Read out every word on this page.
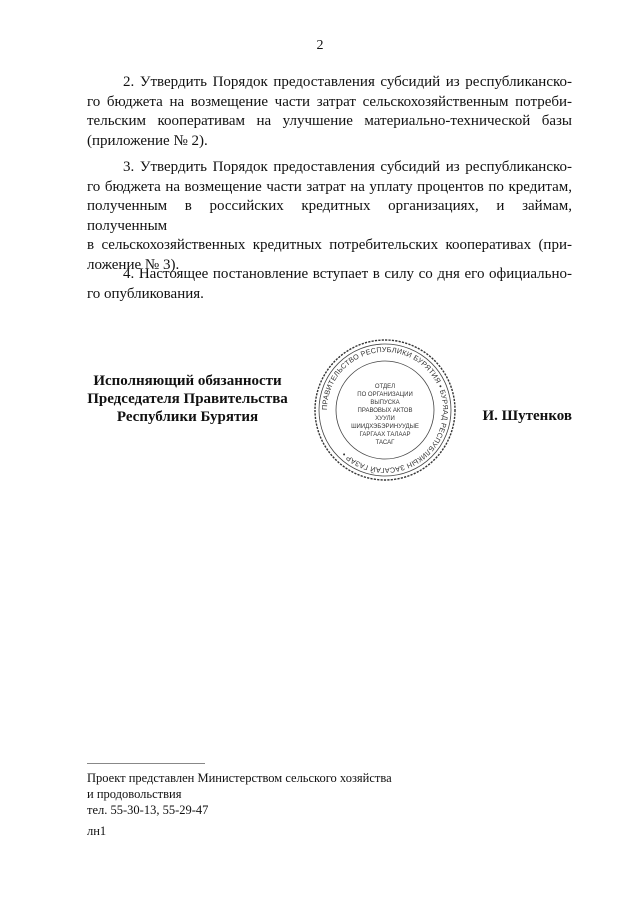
2

2. Утвердить Порядок предоставления субсидий из республиканско-
го бюджета на возмещение части затрат сельскохозяйственным потреби-
тельским кооперативам на улучшение материально-технической базы
(приложение № 2).

3. Утвердить Порядок предоставления субсидий из республиканско-
го бюджета на возмещение части затрат на уплату процентов по кредитам,
полученным в российских кредитных организациях, и займам, полученным
в сельскохозяйственных кредитных потребительских кооперативах (при-
ложение № 3).

4. Настоящее постановление вступает в силу со дня его официально-
го опубликования.

Исполняющий обязанности
Председателя Правительства
Республики Бурятия
ПРАВИТЕЛЬСТВО РЕСПУБЛИКИ БУРЯТИЯ • БУРЯАД РЕСПУБЛИКЫН ЗАСАГАЙ ГАЗАР •
ОТДЕЛ
ПО ОРГАНИЗАЦИИ
ВЫПУСКА
ПРАВОВЫХ АКТОВ
ХУУЛИ
ШИИДХЭБЭРИНУУДЫЕ
ГАРГААХ ТАЛААР
ТАСАГ
И. Шутенков
Проект представлен Министерством сельского хозяйства
и продовольствия
тел. 55-30-13, 55-29-47
лн1
